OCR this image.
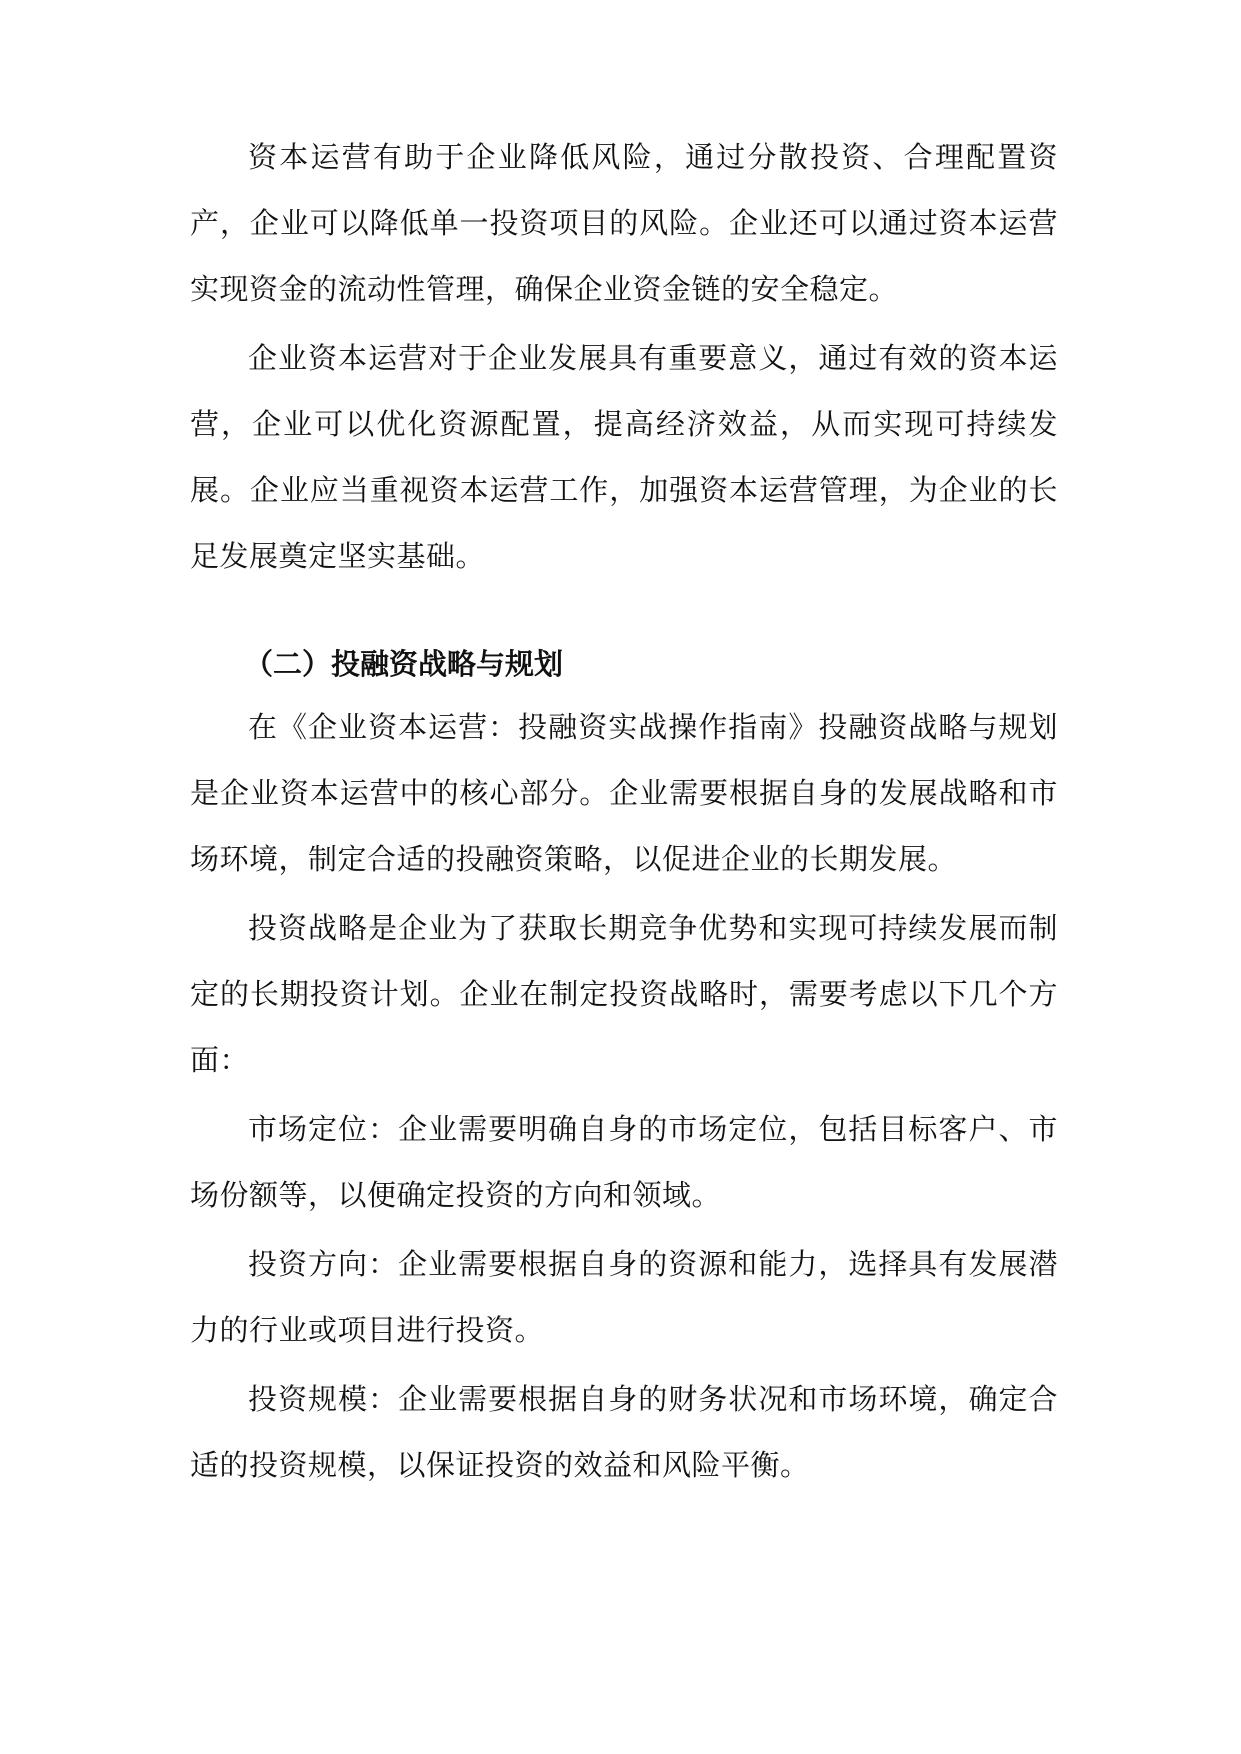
资本运营有助于企业降低风险，通过分散投资、合理配置资产，企业可以降低单一投资项目的风险。企业还可以通过资本运营实现资金的流动性管理，确保企业资金链的安全稳定。

企业资本运营对于企业发展具有重要意义，通过有效的资本运营，企业可以优化资源配置，提高经济效益，从而实现可持续发展。企业应当重视资本运营工作，加强资本运营管理，为企业的长足发展奠定坚实基础。

（二）投融资战略与规划

在《企业资本运营：投融资实战操作指南》投融资战略与规划是企业资本运营中的核心部分。企业需要根据自身的发展战略和市场环境，制定合适的投融资策略，以促进企业的长期发展。

投资战略是企业为了获取长期竞争优势和实现可持续发展而制定的长期投资计划。企业在制定投资战略时，需要考虑以下几个方面：

市场定位：企业需要明确自身的市场定位，包括目标客户、市场份额等，以便确定投资的方向和领域。

投资方向：企业需要根据自身的资源和能力，选择具有发展潜力的行业或项目进行投资。

投资规模：企业需要根据自身的财务状况和市场环境，确定合适的投资规模，以保证投资的效益和风险平衡。
